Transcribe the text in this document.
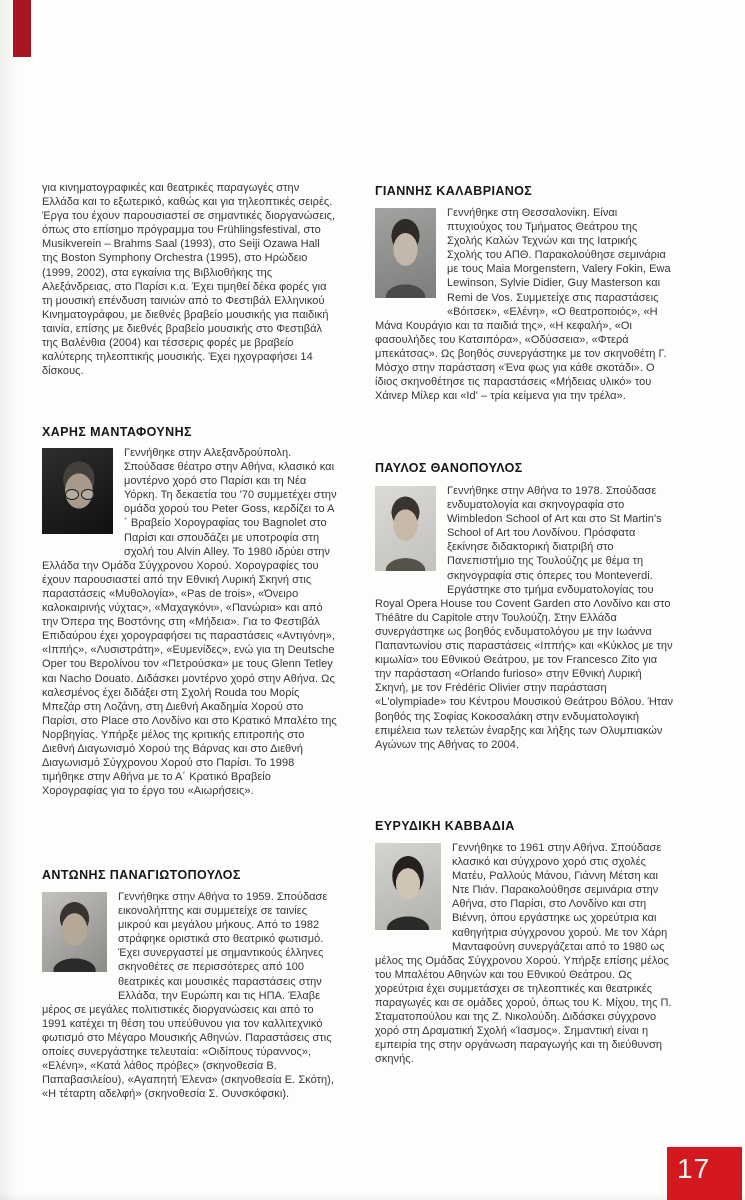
για κινηματογραφικές και θεατρικές παραγωγές στην Ελλάδα και το εξωτερικό, καθώς και για τηλεοπτικές σειρές. Έργα του έχουν παρουσιαστεί σε σημαντικές διοργανώσεις, όπως στο επίσημο πρόγραμμα του Frühlingsfestival, στο Musikverein – Brahms Saal (1993), στο Seiji Ozawa Hall της Boston Symphony Orchestra (1995), στο Ηρώδειο (1999, 2002), στα εγκαίνια της Βιβλιοθήκης της Αλεξάνδρειας, στο Παρίσι κ.α. Έχει τιμηθεί δέκα φορές για τη μουσική επένδυση ταινιών από το Φεστιβάλ Ελληνικού Κινηματογράφου, με διεθνές βραβείο μουσικής για παιδική ταινία, επίσης με διεθνές βραβείο μουσικής στο Φεστιβάλ της Βαλένθια (2004) και τέσσερις φορές με βραβείο καλύτερης τηλεοπτικής μουσικής. Έχει ηχογραφήσει 14 δίσκους.

ΧΑΡΗΣ ΜΑΝΤΑΦΟΥΝΗΣ

Γεννήθηκε στην Αλεξανδρούπολη. Σπούδασε θέατρο στην Αθήνα, κλασικό και μοντέρνο χορό στο Παρίσι και τη Νέα Υόρκη. Τη δεκαετία του '70 συμμετέχει στην ομάδα χορού του Peter Goss, κερδίζει το Α´ Βραβείο Χορογραφίας του Bagnolet στο Παρίσι και σπουδάζει με υποτροφία στη σχολή του Alvin Alley. Το 1980 ιδρύει στην Ελλάδα την Ομάδα Σύγχρονου Χορού. Χορογραφίες του έχουν παρουσιαστεί από την Εθνική Λυρική Σκηνή στις παραστάσεις «Μυθολογία», «Pas de trois», «Όνειρο καλοκαιρινής νύχτας», «Μαχαγκόνι», «Πανώρια» και από την Όπερα της Βοστόνης στη «Μήδεια». Για το Φεστιβάλ Επιδαύρου έχει χορογραφήσει τις παραστάσεις «Αντιγόνη», «Ιππής», «Λυσιστράτη», «Ευμενίδες», ενώ για τη Deutsche Oper του Βερολίνου τον «Πετρούσκα» με τους Glenn Tetley και Nacho Douato. Διδάσκει μοντέρνο χορό στην Αθήνα. Ως καλεσμένος έχει διδάξει στη Σχολή Rouda του Μορίς Μπεζάρ στη Λοζάνη, στη Διεθνή Ακαδημία Χορού στο Παρίσι, στο Place στο Λονδίνο και στο Κρατικό Μπαλέτο της Νορβηγίας. Υπήρξε μέλος της κριτικής επιτροπής στο Διεθνή Διαγωνισμό Χορού της Βάρνας και στο Διεθνή Διαγωνισμό Σύγχρονου Χορού στο Παρίσι. Το 1998 τιμήθηκε στην Αθήνα με το Α´ Κρατικό Βραβείο Χορογραφίας για το έργο του «Αιωρήσεις».

ΑΝΤΩΝΗΣ ΠΑΝΑΓΙΩΤΟΠΟΥΛΟΣ

Γεννήθηκε στην Αθήνα το 1959. Σπούδασε εικονολήπτης και συμμετείχε σε ταινίες μικρού και μεγάλου μήκους. Από το 1982 στράφηκε οριστικά στο θεατρικό φωτισμό. Έχει συνεργαστεί με σημαντικούς έλληνες σκηνοθέτες σε περισσότερες από 100 θεατρικές και μουσικές παραστάσεις στην Ελλάδα, την Ευρώπη και τις ΗΠΑ. Έλαβε μέρος σε μεγάλες πολιτιστικές διοργανώσεις και από το 1991 κατέχει τη θέση του υπεύθυνου για τον καλλιτεχνικό φωτισμό στο Μέγαρο Μουσικής Αθηνών. Παραστάσεις στις οποίες συνεργάστηκε τελευταία: «Οιδίπους τύραννος», «Ελένη», «Κατά λάθος πρόβες» (σκηνοθεσία Β. Παπαβασιλείου), «Αγαπητή Έλενα» (σκηνοθεσία Ε. Σκότη), «Η τέταρτη αδελφή» (σκηνοθεσία Σ. Ουνσκόφσκι).

ΓΙΑΝΝΗΣ ΚΑΛΑΒΡΙΑΝΟΣ

Γεννήθηκε στη Θεσσαλονίκη. Είναι πτυχιούχος του Τμήματος Θεάτρου της Σχολής Καλών Τεχνών και της Ιατρικής Σχολής του ΑΠΘ. Παρακολούθησε σεμινάρια με τους Maia Morgenstern, Valery Fokin, Ewa Lewinson, Sylvie Didier, Guy Masterson και Remi de Vos. Συμμετείχε στις παραστάσεις «Βόιτσεκ», «Ελένη», «Ο θεατροποιός», «Η Μάνα Κουράγιο και τα παιδιά της», «Η κεφαλή», «Οι φασουλήδες του Κατσιπόρα», «Οδύσσεια», «Φτερά μπεκάτσας». Ως βοηθός συνεργάστηκε με τον σκηνοθέτη Γ. Μόσχο στην παράσταση «Ένα φως για κάθε σκοτάδι». Ο ίδιος σκηνοθέτησε τις παραστάσεις «Μήδειας υλικό» του Χάινερ Μίλερ και «Id' – τρία κείμενα για την τρέλα».

ΠΑΥΛΟΣ ΘΑΝΟΠΟΥΛΟΣ

Γεννήθηκε στην Αθήνα το 1978. Σπούδασε ενδυματολογία και σκηνογραφία στο Wimbledon School of Art και στο St Martin's School of Art του Λονδίνου. Πρόσφατα ξεκίνησε διδακτορική διατριβή στο Πανεπιστήμιο της Τουλούζης με θέμα τη σκηνογραφία στις όπερες του Monteverdi. Εργάστηκε στο τμήμα ενδυματολογίας του Royal Opera House του Covent Garden στο Λονδίνο και στο Théâtre du Capitole στην Τουλούζη. Στην Ελλάδα συνεργάστηκε ως βοηθός ενδυματολόγου με την Ιωάννα Παπαντωνίου στις παραστάσεις «Ιππής» και «Κύκλος με την κιμωλία» του Εθνικού Θεάτρου, με τον Francesco Zito για την παράσταση «Orlando furioso» στην Εθνική Λυρική Σκηνή, με τον Frédéric Olivier στην παράσταση «L'olympiade» του Κέντρου Μουσικού Θεάτρου Βόλου. Ήταν βοηθός της Σοφίας Κοκοσαλάκη στην ενδυματολογική επιμέλεια των τελετών έναρξης και λήξης των Ολυμπιακών Αγώνων της Αθήνας το 2004.

ΕΥΡΥΔΙΚΗ ΚΑΒΒΑΔΙΑ

Γεννήθηκε το 1961 στην Αθήνα. Σπούδασε κλασικό και σύγχρονο χορό στις σχολές Ματέυ, Ραλλούς Μάνου, Γιάννη Μέτση και Ντε Πιάν. Παρακολούθησε σεμινάρια στην Αθήνα, στο Παρίσι, στο Λονδίνο και στη Βιέννη, όπου εργάστηκε ως χορεύτρια και καθηγήτρια σύγχρονου χορού. Με τον Χάρη Μανταφούνη συνεργάζεται από το 1980 ως μέλος της Ομάδας Σύγχρονου Χορού. Υπήρξε επίσης μέλος του Μπαλέτου Αθηνών και του Εθνικού Θεάτρου. Ως χορεύτρια έχει συμμετάσχει σε τηλεοπτικές και θεατρικές παραγωγές και σε ομάδες χορού, όπως του Κ. Μίχου, της Π. Σταματοπούλου και της Ζ. Νικολούδη. Διδάσκει σύγχρονο χορό στη Δραματική Σχολή «Ίασμος». Σημαντική είναι η εμπειρία της στην οργάνωση παραγωγής και τη διεύθυνση σκηνής.

17
